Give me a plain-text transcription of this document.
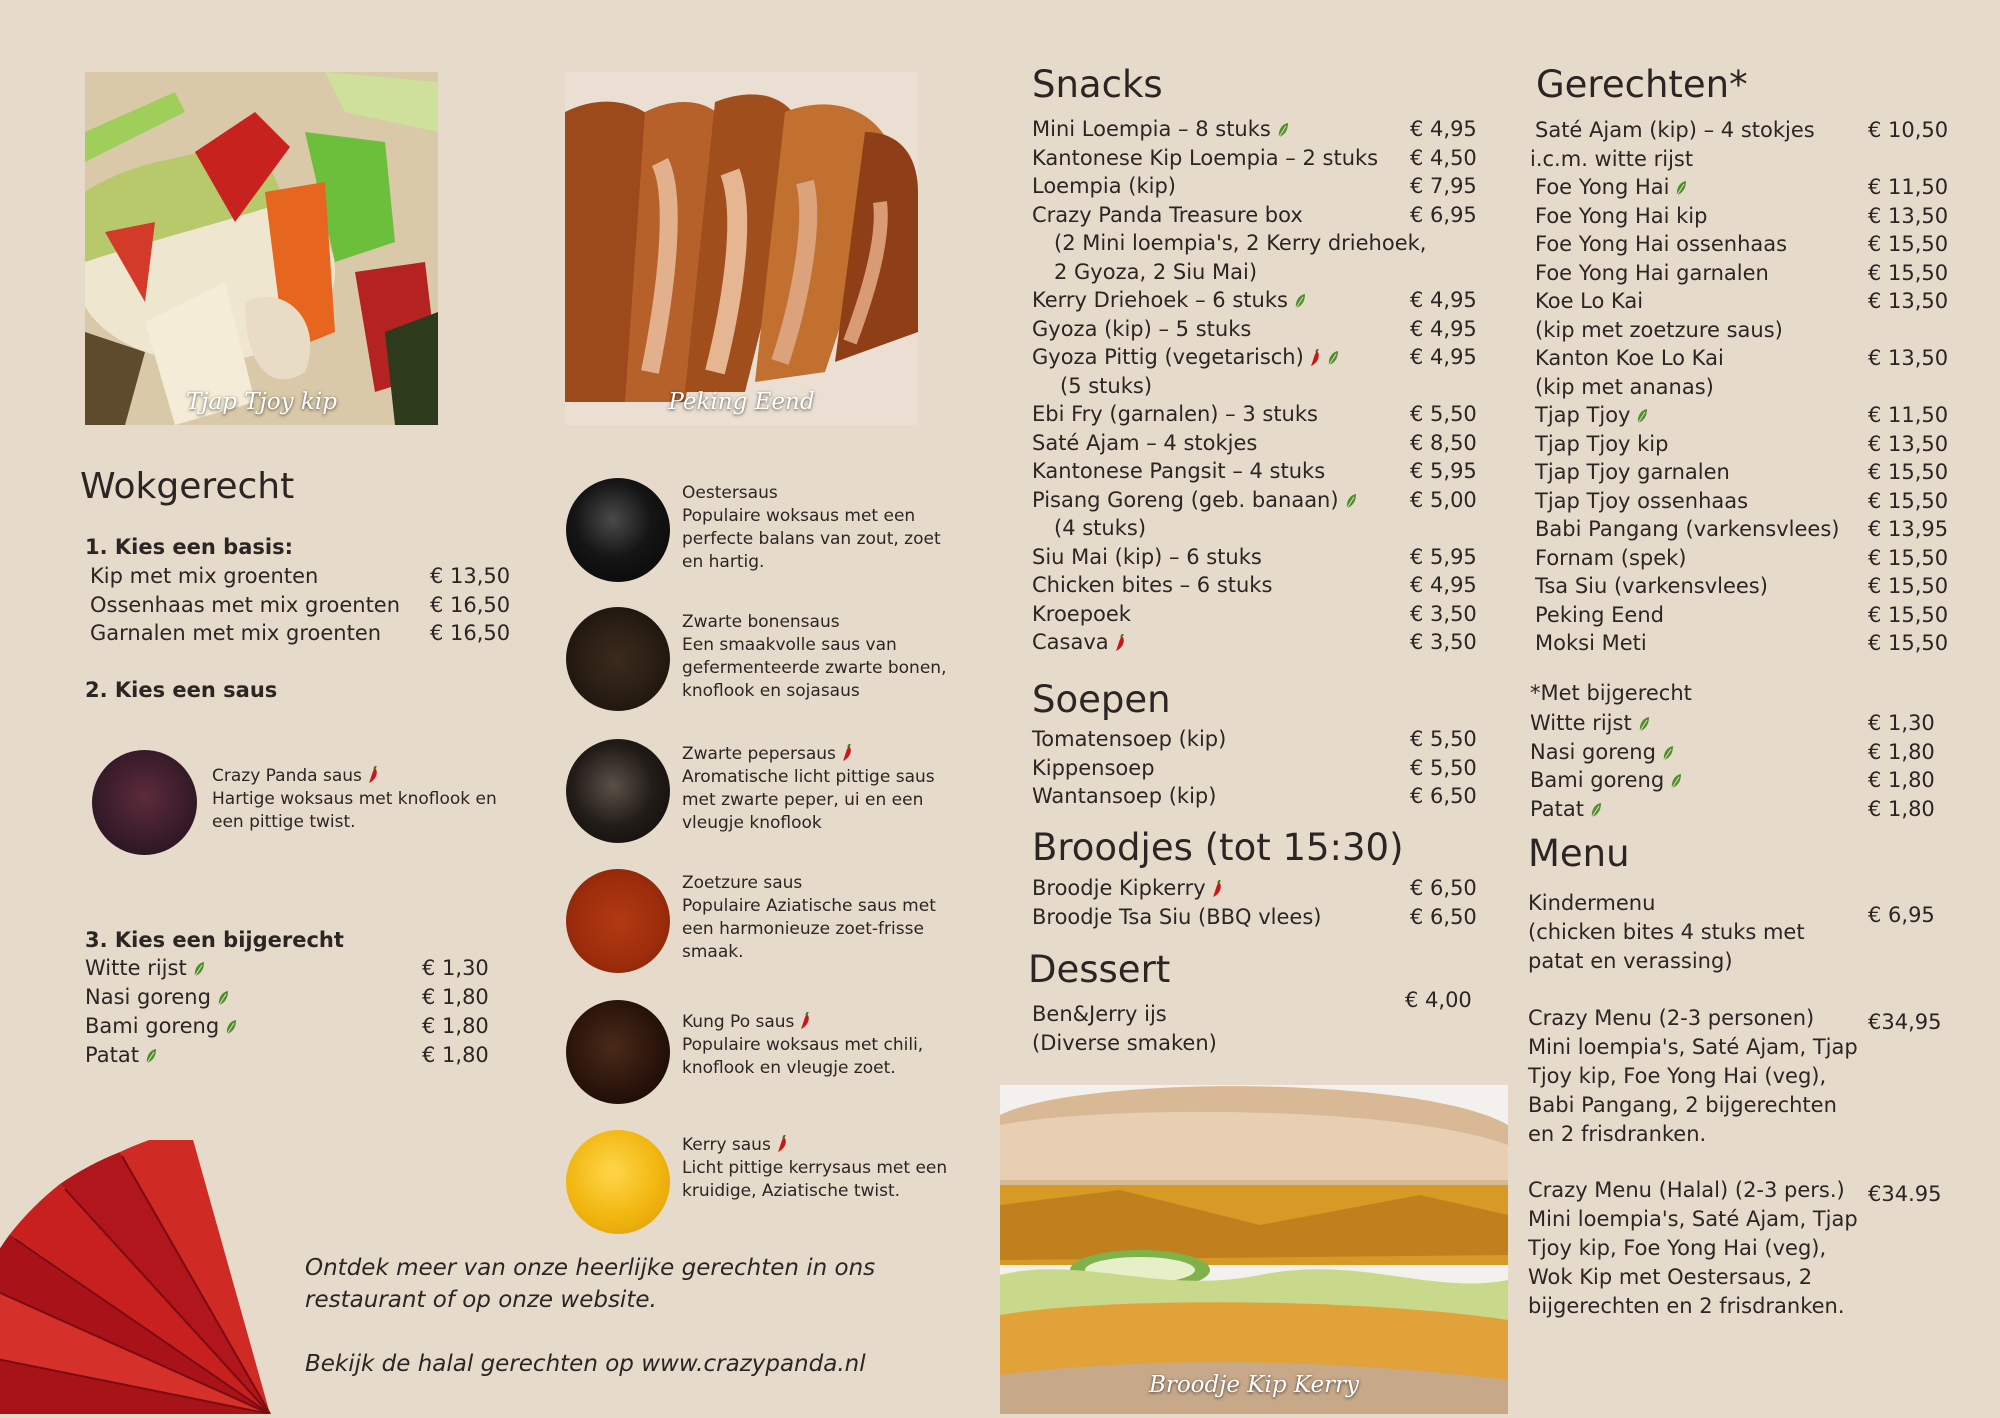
Tjap Tjoy kip	Peking Eend
Broodje Kip Kerry
Wokgerecht
1. Kies een basis:
Kip met mix groenten	€ 13,50
Ossenhaas met mix groenten € 16,50
Garnalen met mix groenten € 16,50
2. Kies een saus
Crazy Panda saus
Hartige woksaus met knoflook en een pittige twist.
3. Kies een bijgerecht
Witte rijst	€ 1,30
Nasi goreng	€ 1,80
Bami goreng	€ 1,80
Patat	€ 1,80
Oestersaus
Populaire woksaus met een perfecte balans van zout, zoet en hartig.
Zwarte bonensaus
Een smaakvolle saus van gefermenteerde zwarte bonen, knoflook en sojasaus
Zwarte pepersaus
Aromatische licht pittige saus met zwarte peper, ui en een vleugje knoflook
Zoetzure saus
Populaire Aziatische saus met een harmonieuze zoet-frisse smaak.
Kung Po saus
Populaire woksaus met chili, knoflook en vleugje zoet.
Kerry saus
Licht pittige kerrysaus met een kruidige, Aziatische twist.
Ontdek meer van onze heerlijke gerechten in ons
restaurant of op onze website.
Bekijk de halal gerechten op www.crazypanda.nl
Snacks
Mini Loempia – 8 stuks	€ 4,95
Kantonese Kip Loempia – 2 stuks € 4,50
Loempia (kip)	€ 7,95
Crazy Panda Treasure box	€ 6,95
(2 Mini loempia's, 2 Kerry driehoek,
2 Gyoza, 2 Siu Mai)
Kerry Driehoek – 6 stuks	€ 4,95
Gyoza (kip) – 5 stuks	€ 4,95
Gyoza Pittig (vegetarisch)	€ 4,95
(5 stuks)
Ebi Fry (garnalen) – 3 stuks	€ 5,50
Saté Ajam – 4 stokjes	€ 8,50
Kantonese Pangsit – 4 stuks	€ 5,95
Pisang Goreng (geb. banaan)	€ 5,00
(4 stuks)
Siu Mai (kip) – 6 stuks	€ 5,95
Chicken bites – 6 stuks	€ 4,95
Kroepoek	€ 3,50
Casava	€ 3,50
Soepen
Tomatensoep (kip)	€ 5,50
Kippensoep	€ 5,50
Wantansoep (kip)	€ 6,50
Broodjes (tot 15:30)
Broodje Kipkerry	€ 6,50
Broodje Tsa Siu (BBQ vlees)	€ 6,50
Dessert
€ 4,00
Ben&Jerry ijs
(Diverse smaken)
Gerechten*
Saté Ajam (kip) – 4 stokjes	€ 10,50
i.c.m. witte rijst
Foe Yong Hai	€ 11,50
Foe Yong Hai kip	€ 13,50
Foe Yong Hai ossenhaas	€ 15,50
Foe Yong Hai garnalen	€ 15,50
Koe Lo Kai	€ 13,50
(kip met zoetzure saus)
Kanton Koe Lo Kai	€ 13,50
(kip met ananas)
Tjap Tjoy	€ 11,50
Tjap Tjoy kip	€ 13,50
Tjap Tjoy garnalen	€ 15,50
Tjap Tjoy ossenhaas	€ 15,50
Babi Pangang (varkensvlees) € 13,95
Fornam (spek)	€ 15,50
Tsa Siu (varkensvlees)	€ 15,50
Peking Eend	€ 15,50
Moksi Meti	€ 15,50
*Met bijgerecht
Witte rijst	€ 1,30
Nasi goreng	€ 1,80
Bami goreng	€ 1,80
Patat	€ 1,80
Menu
Kindermenu
(chicken bites 4 stuks met
patat en verassing)
€ 6,95
Crazy Menu (2-3 personen)
Mini loempia's, Saté Ajam, Tjap
Tjoy kip, Foe Yong Hai (veg),
Babi Pangang, 2 bijgerechten
en 2 frisdranken.
€34,95
Crazy Menu (Halal) (2-3 pers.)
Mini loempia's, Saté Ajam, Tjap
Tjoy kip, Foe Yong Hai (veg),
Wok Kip met Oestersaus, 2
bijgerechten en 2 frisdranken.
€34.95
